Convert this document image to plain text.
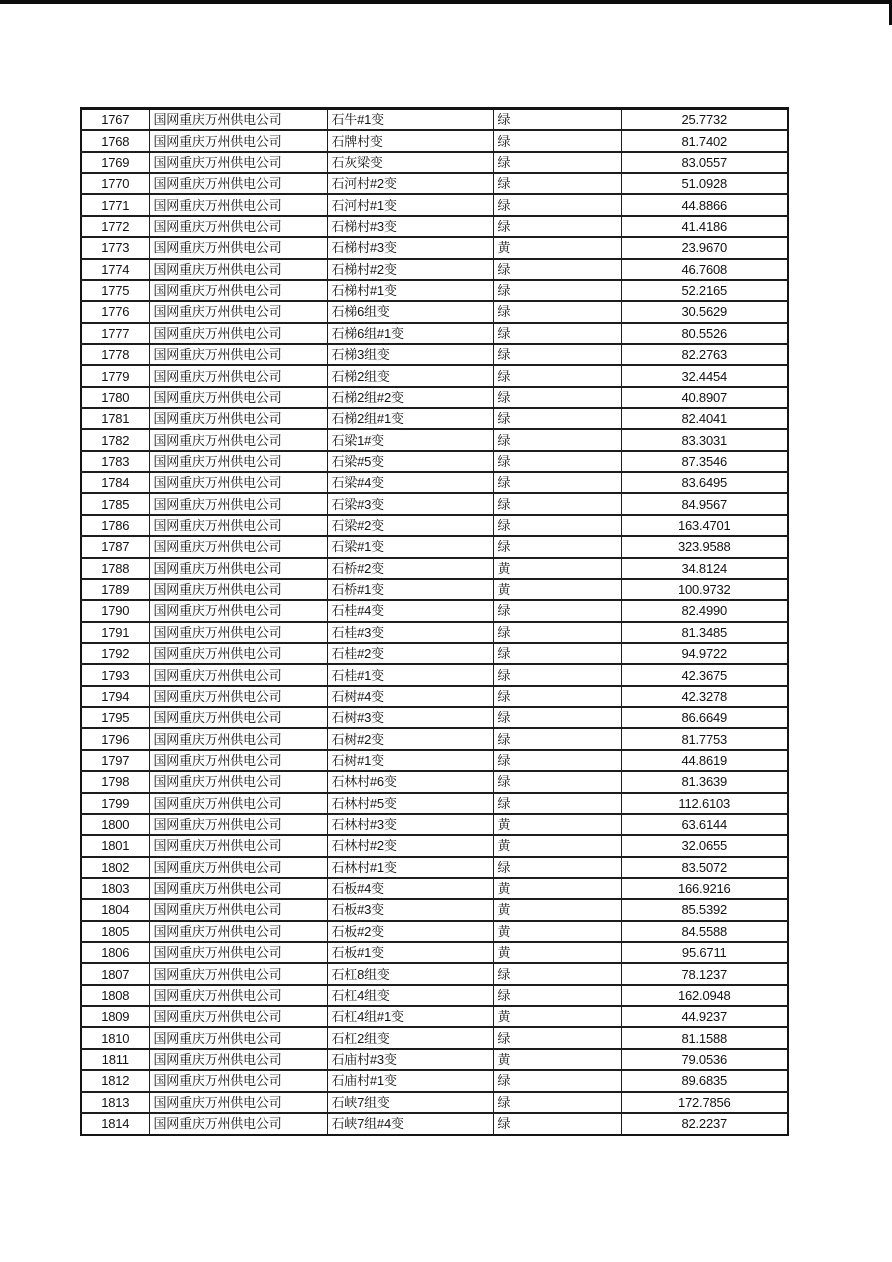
1767	国网重庆万州供电公司	石牛#1变	绿	25.7732
1768	国网重庆万州供电公司	石牌村变	绿	81.7402
1769	国网重庆万州供电公司	石灰梁变	绿	83.0557
1770	国网重庆万州供电公司	石河村#2变	绿	51.0928
1771	国网重庆万州供电公司	石河村#1变	绿	44.8866
1772	国网重庆万州供电公司	石梯村#3变	绿	41.4186
1773	国网重庆万州供电公司	石梯村#3变	黄	23.9670
1774	国网重庆万州供电公司	石梯村#2变	绿	46.7608
1775	国网重庆万州供电公司	石梯村#1变	绿	52.2165
1776	国网重庆万州供电公司	石梯6组变	绿	30.5629
1777	国网重庆万州供电公司	石梯6组#1变	绿	80.5526
1778	国网重庆万州供电公司	石梯3组变	绿	82.2763
1779	国网重庆万州供电公司	石梯2组变	绿	32.4454
1780	国网重庆万州供电公司	石梯2组#2变	绿	40.8907
1781	国网重庆万州供电公司	石梯2组#1变	绿	82.4041
1782	国网重庆万州供电公司	石梁1#变	绿	83.3031
1783	国网重庆万州供电公司	石梁#5变	绿	87.3546
1784	国网重庆万州供电公司	石梁#4变	绿	83.6495
1785	国网重庆万州供电公司	石梁#3变	绿	84.9567
1786	国网重庆万州供电公司	石梁#2变	绿	163.4701
1787	国网重庆万州供电公司	石梁#1变	绿	323.9588
1788	国网重庆万州供电公司	石桥#2变	黄	34.8124
1789	国网重庆万州供电公司	石桥#1变	黄	100.9732
1790	国网重庆万州供电公司	石桂#4变	绿	82.4990
1791	国网重庆万州供电公司	石桂#3变	绿	81.3485
1792	国网重庆万州供电公司	石桂#2变	绿	94.9722
1793	国网重庆万州供电公司	石桂#1变	绿	42.3675
1794	国网重庆万州供电公司	石树#4变	绿	42.3278
1795	国网重庆万州供电公司	石树#3变	绿	86.6649
1796	国网重庆万州供电公司	石树#2变	绿	81.7753
1797	国网重庆万州供电公司	石树#1变	绿	44.8619
1798	国网重庆万州供电公司	石林村#6变	绿	81.3639
1799	国网重庆万州供电公司	石林村#5变	绿	112.6103
1800	国网重庆万州供电公司	石林村#3变	黄	63.6144
1801	国网重庆万州供电公司	石林村#2变	黄	32.0655
1802	国网重庆万州供电公司	石林村#1变	绿	83.5072
1803	国网重庆万州供电公司	石板#4变	黄	166.9216
1804	国网重庆万州供电公司	石板#3变	黄	85.5392
1805	国网重庆万州供电公司	石板#2变	黄	84.5588
1806	国网重庆万州供电公司	石板#1变	黄	95.6711
1807	国网重庆万州供电公司	石杠8组变	绿	78.1237
1808	国网重庆万州供电公司	石杠4组变	绿	162.0948
1809	国网重庆万州供电公司	石杠4组#1变	黄	44.9237
1810	国网重庆万州供电公司	石杠2组变	绿	81.1588
1811	国网重庆万州供电公司	石庙村#3变	黄	79.0536
1812	国网重庆万州供电公司	石庙村#1变	绿	89.6835
1813	国网重庆万州供电公司	石峡7组变	绿	172.7856
1814	国网重庆万州供电公司	石峡7组#4变	绿	82.2237
